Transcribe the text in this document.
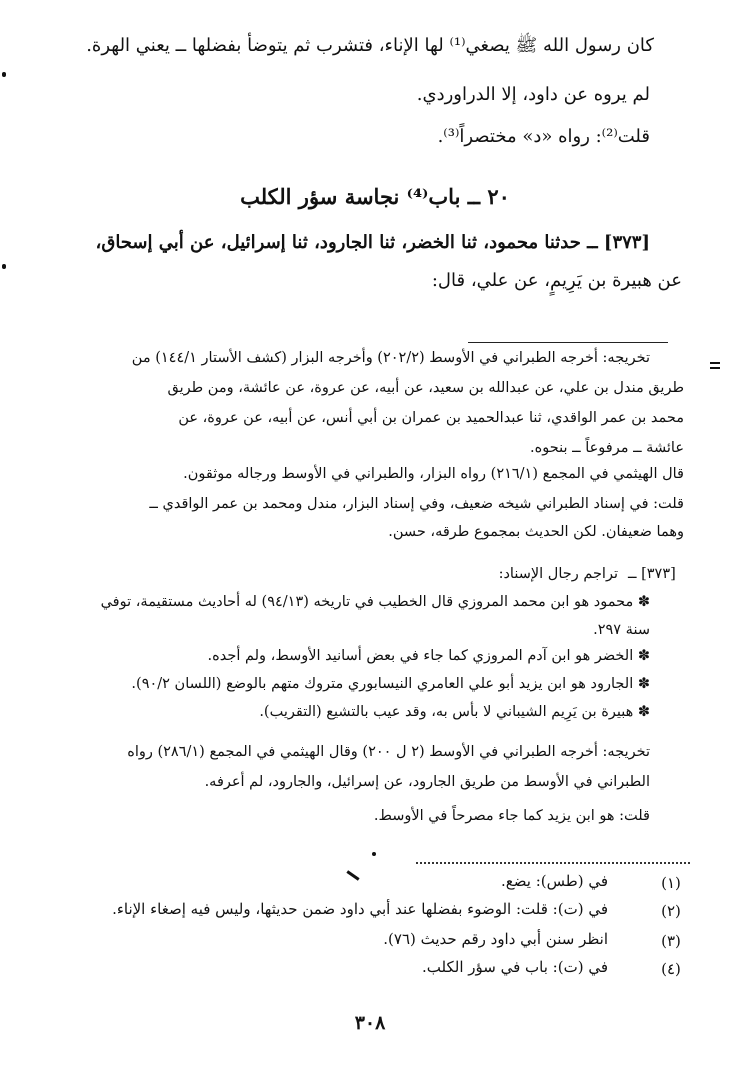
كان رسول الله ﷺ يصغي⁽¹⁾ لها الإناء، فتشرب ثم يتوضأ بفضلها ــ يعني الهرة.

لم يروه عن داود، إلا الدراوردي.

قلت⁽²⁾: رواه «د» مختصراً⁽³⁾.

٢٠ ــ باب⁽⁴⁾ نجاسة سؤر الكلب

[٣٧٣] ــ حدثنا محمود، ثنا الخضر، ثنا الجارود، ثنا إسرائيل، عن أبي إسحاق،

عن هبيرة بن يَرِيمٍ، عن علي، قال:

تخريجه: أخرجه الطبراني في الأوسط (٢٠٢/٢) وأخرجه البزار (كشف الأستار ١٤٤/١) من

طريق مندل بن علي، عن عبدالله بن سعيد، عن أبيه، عن عروة، عن عائشة، ومن طريق

محمد بن عمر الواقدي، ثنا عبدالحميد بن عمران بن أبي أنس، عن أبيه، عن عروة، عن

عائشة ــ مرفوعاً ــ بنحوه.

قال الهيثمي في المجمع (٢١٦/١) رواه البزار، والطبراني في الأوسط ورجاله موثقون.

قلت: في إسناد الطبراني شيخه ضعيف، وفي إسناد البزار، مندل ومحمد بن عمر الواقدي ــ

وهما ضعيفان. لكن الحديث بمجموع طرقه، حسن.

[٣٧٣] ــ

تراجم رجال الإسناد:

✽ محمود هو ابن محمد المروزي قال الخطيب في تاريخه (٩٤/١٣) له أحاديث مستقيمة، توفي

سنة ٢٩٧.

✽ الخضر هو ابن آدم المروزي كما جاء في بعض أسانيد الأوسط، ولم أجده.

✽ الجارود هو ابن يزيد أبو علي العامري النيسابوري متروك متهم بالوضع (اللسان ٩٠/٢).

✽ هبيرة بن يَرِيم الشيباني لا بأس به، وقد عيب بالتشيع (التقريب).

تخريجه: أخرجه الطبراني في الأوسط (٢ ل ٢٠٠) وقال الهيثمي في المجمع (٢٨٦/١) رواه

الطبراني في الأوسط من طريق الجارود، عن إسرائيل، والجارود، لم أعرفه.

قلت: هو ابن يزيد كما جاء مصرحاً في الأوسط.

(١)
في (طس): يضع.
(٢)
في (ت): قلت: الوضوء بفضلها عند أبي داود ضمن حديثها، وليس فيه إصغاء الإناء.
(٣)
انظر سنن أبي داود رقم حديث (٧٦).
(٤)
في (ت): باب في سؤر الكلب.
٣٠٨
